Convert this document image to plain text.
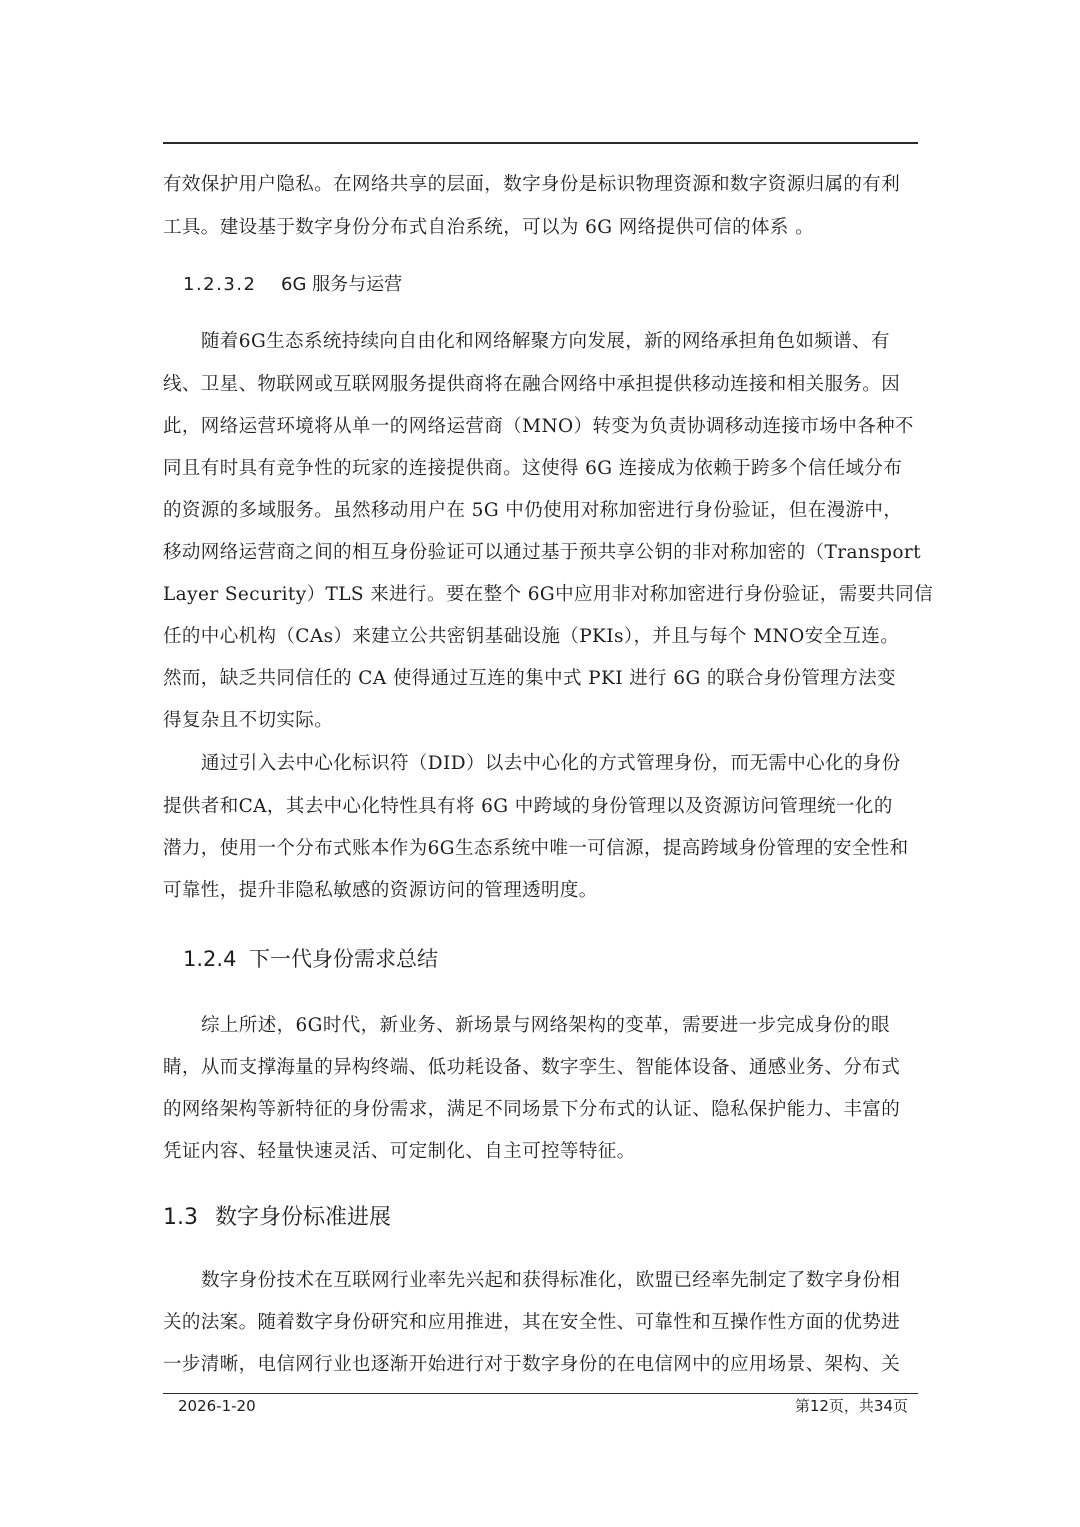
有效保护用户隐私。在网络共享的层面，数字身份是标识物理资源和数字资源归属的有利
工具。建设基于数字身份分布式自治系统，可以为 6G 网络提供可信的体系 。
1.2.3.2 6G 服务与运营
随着6G生态系统持续向自由化和网络解聚方向发展，新的网络承担角色如频谱、有
线、卫星、物联网或互联网服务提供商将在融合网络中承担提供移动连接和相关服务。因
此，网络运营环境将从单一的网络运营商（MNO）转变为负责协调移动连接市场中各种不
同且有时具有竞争性的玩家的连接提供商。这使得 6G 连接成为依赖于跨多个信任域分布
的资源的多域服务。虽然移动用户在 5G 中仍使用对称加密进行身份验证，但在漫游中，
移动网络运营商之间的相互身份验证可以通过基于预共享公钥的非对称加密的（Transport
Layer Security）TLS 来进行。要在整个 6G中应用非对称加密进行身份验证，需要共同信
任的中心机构（CAs）来建立公共密钥基础设施（PKIs），并且与每个 MNO安全互连。
然而，缺乏共同信任的 CA 使得通过互连的集中式 PKI 进行 6G 的联合身份管理方法变
得复杂且不切实际。
通过引入去中心化标识符（DID）以去中心化的方式管理身份，而无需中心化的身份
提供者和CA，其去中心化特性具有将 6G 中跨域的身份管理以及资源访问管理统一化的
潜力，使用一个分布式账本作为6G生态系统中唯一可信源，提高跨域身份管理的安全性和
可靠性，提升非隐私敏感的资源访问的管理透明度。
1.2.4 下一代身份需求总结
综上所述，6G时代，新业务、新场景与网络架构的变革，需要进一步完成身份的眼
睛，从而支撑海量的异构终端、低功耗设备、数字孪生、智能体设备、通感业务、分布式
的网络架构等新特征的身份需求，满足不同场景下分布式的认证、隐私保护能力、丰富的
凭证内容、轻量快速灵活、可定制化、自主可控等特征。
1.3 数字身份标准进展
数字身份技术在互联网行业率先兴起和获得标准化，欧盟已经率先制定了数字身份相
关的法案。随着数字身份研究和应用推进，其在安全性、可靠性和互操作性方面的优势进
一步清晰，电信网行业也逐渐开始进行对于数字身份的在电信网中的应用场景、架构、关
2026-1-20	第12页，共34页
